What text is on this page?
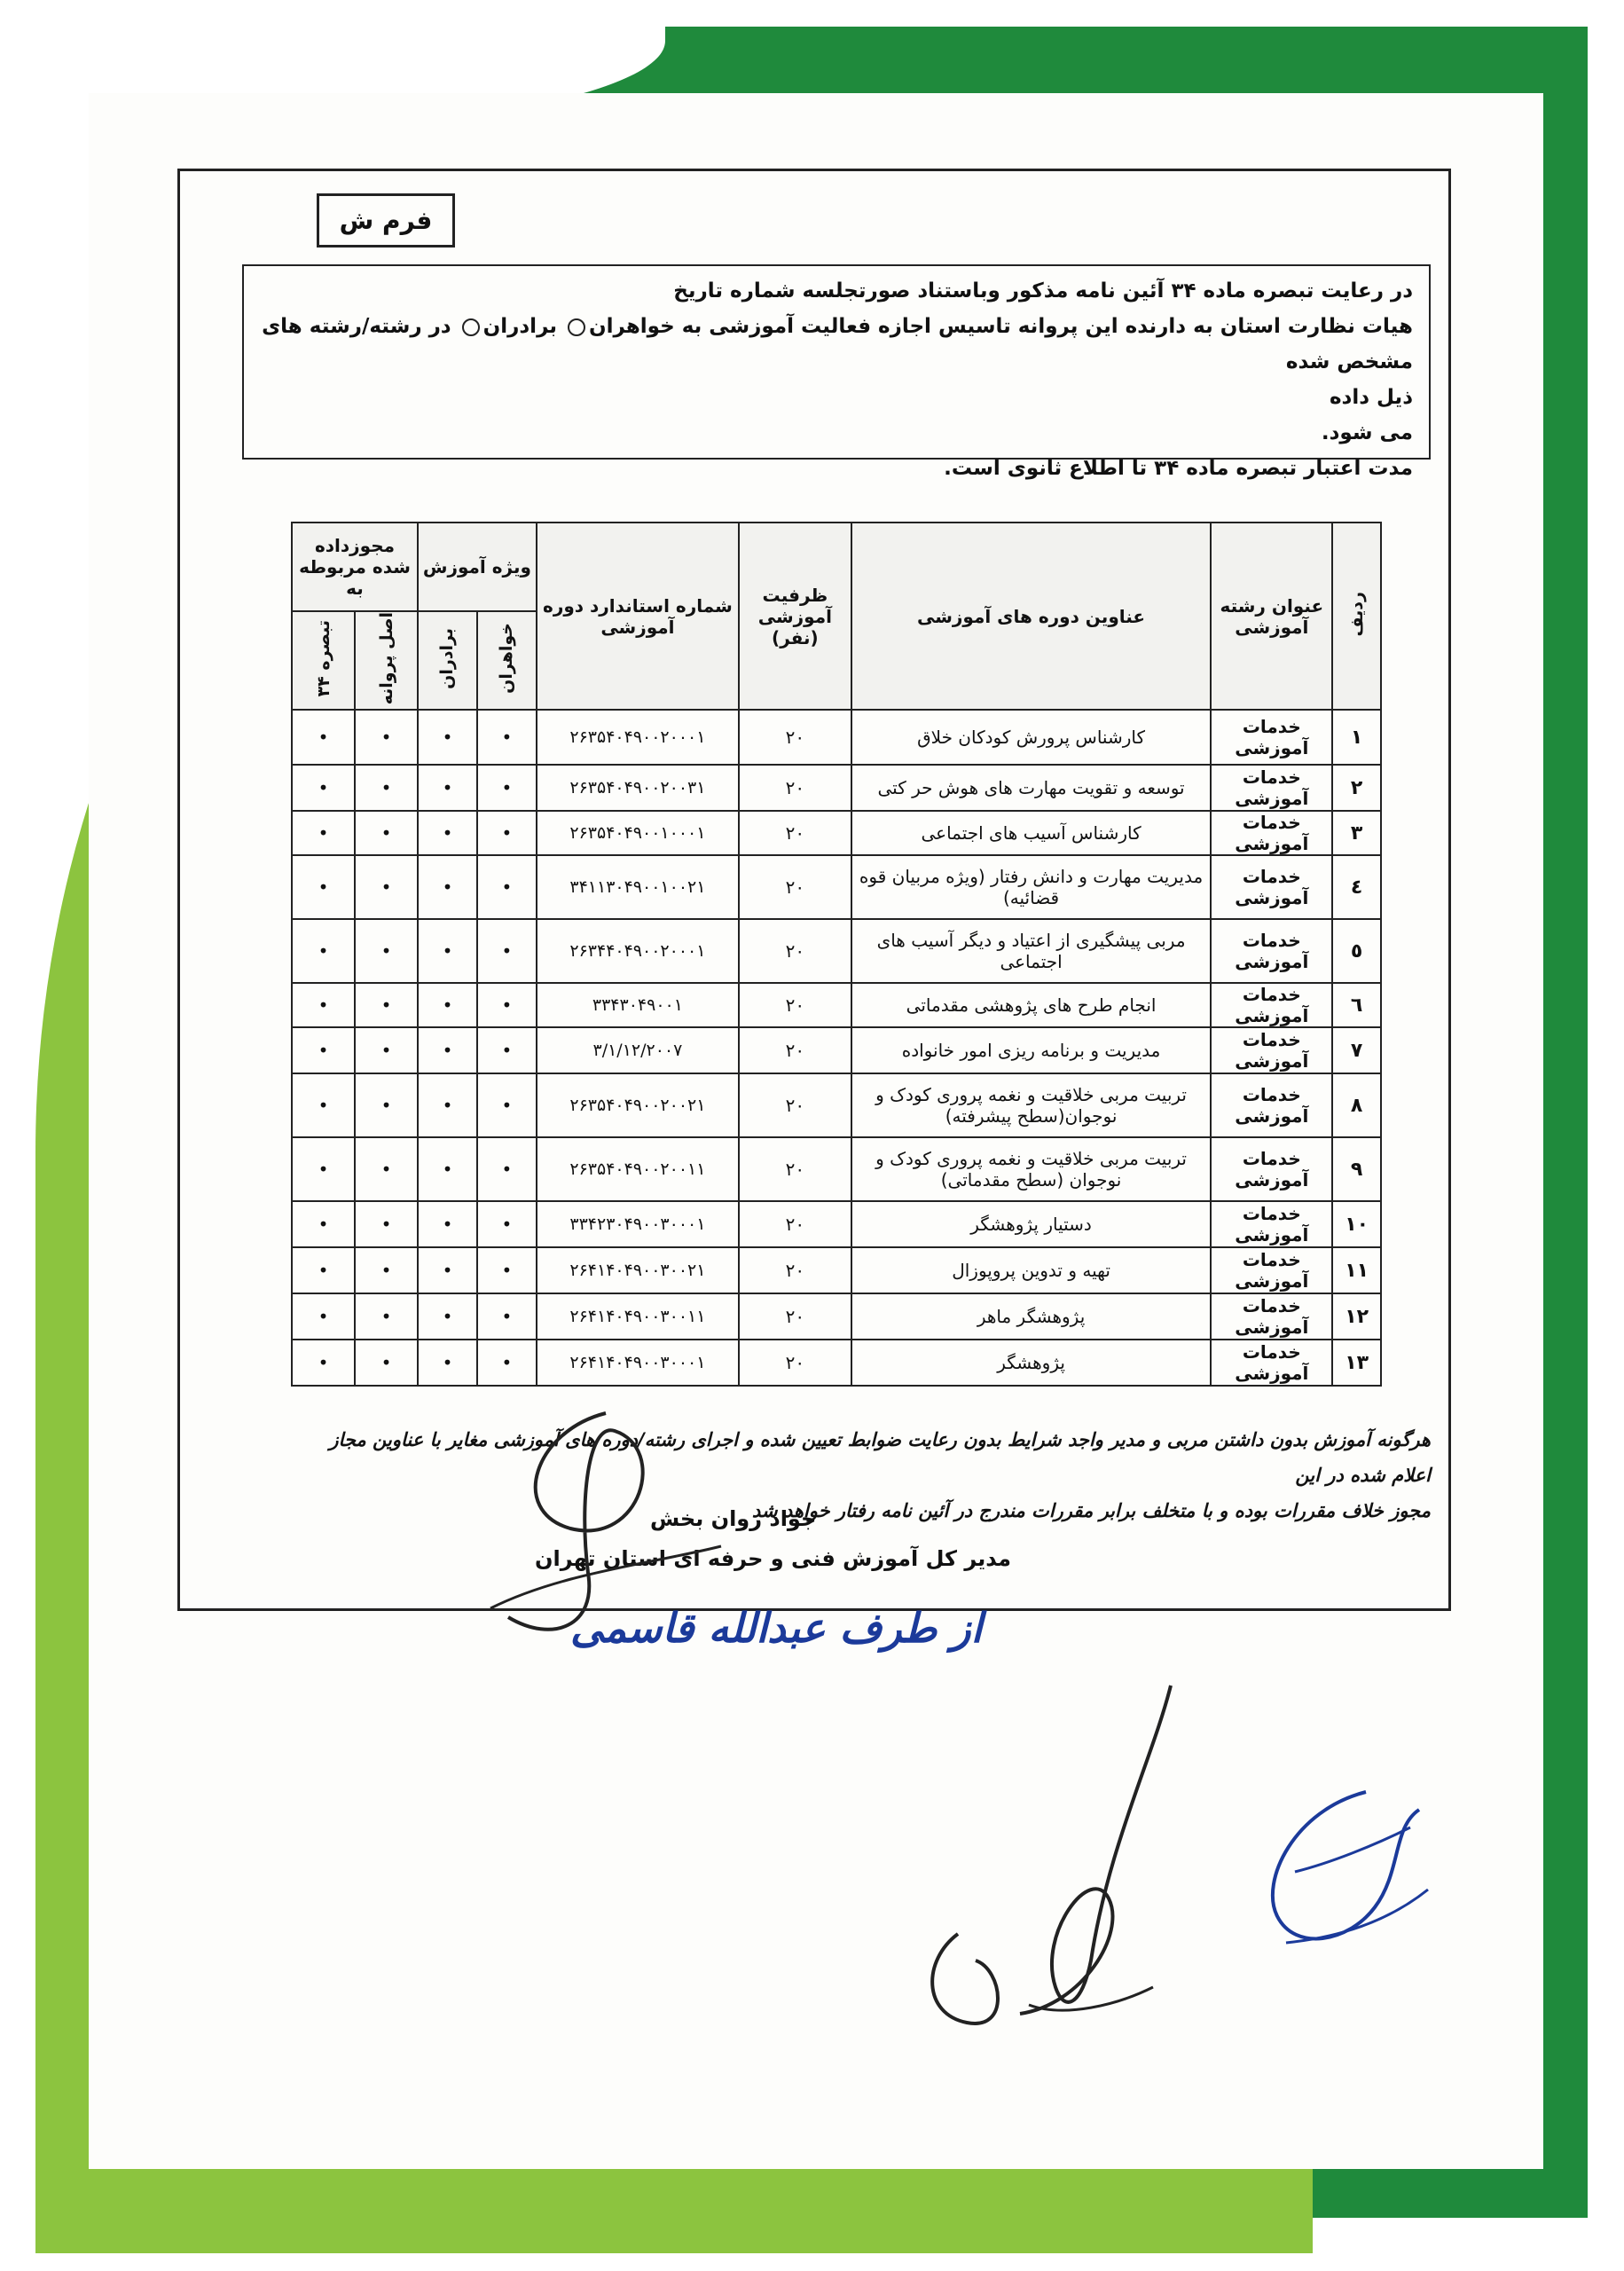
فرم ش

در رعایت تبصره ماده ۳۴ آئین نامه مذکور وباستناد صورتجلسه شماره تاریخ

هیات نظارت استان به دارنده این پروانه تاسیس اجازه فعالیت آموزشی به خواهران برادران در رشته/رشته های مشخص شده

ذیل داده

می شود.

مدت اعتبار تبصره ماده ۳۴ تا اطلاع ثانوی است.

ردیف	عنوان رشته آموزشی	عناوین دوره های آموزشی	ظرفیت آموزشی (نفر)	شماره استاندارد دوره آموزشی	ویژه آموزش		مجوزداده شده مربوطه به	
					خواهران	برادران	اصل پروانه	تبصره ۳۴
۱	خدمات آموزشی	کارشناس پرورش کودکان خلاق	۲۰	۲۶۳۵۴۰۴۹۰۰۲۰۰۰۱	•	•	•	•
۲	خدمات آموزشی	توسعه و تقویت مهارت های هوش حر کتی	۲۰	۲۶۳۵۴۰۴۹۰۰۲۰۰۳۱	•	•	•	•
۳	خدمات آموزشی	کارشناس آسیب های اجتماعی	۲۰	۲۶۳۵۴۰۴۹۰۰۱۰۰۰۱	•	•	•	•
٤	خدمات آموزشی	مدیریت مهارت و دانش رفتار (ویژه مربیان قوه قضائیه)	۲۰	۳۴۱۱۳۰۴۹۰۰۱۰۰۲۱	•	•	•	•
٥	خدمات آموزشی	مربی پیشگیری از اعتیاد و دیگر آسیب های اجتماعی	۲۰	۲۶۳۴۴۰۴۹۰۰۲۰۰۰۱	•	•	•	•
٦	خدمات آموزشی	انجام طرح های پژوهشی مقدماتی	۲۰	۳۳۴۳۰۴۹۰۰۱	•	•	•	•
۷	خدمات آموزشی	مدیریت و برنامه ریزی امور خانواده	۲۰	۳/۱/۱۲/۲۰۰۷	•	•	•	•
۸	خدمات آموزشی	تربیت مربی خلاقیت و نغمه پروری کودک و نوجوان(سطح پیشرفته)	۲۰	۲۶۳۵۴۰۴۹۰۰۲۰۰۲۱	•	•	•	•
۹	خدمات آموزشی	تربیت مربی خلاقیت و نغمه پروری کودک و نوجوان (سطح مقدماتی)	۲۰	۲۶۳۵۴۰۴۹۰۰۲۰۰۱۱	•	•	•	•
۱۰	خدمات آموزشی	دستیار پژوهشگر	۲۰	۳۳۴۲۳۰۴۹۰۰۳۰۰۰۱	•	•	•	•
۱۱	خدمات آموزشی	تهیه و تدوین پروپوزال	۲۰	۲۶۴۱۴۰۴۹۰۰۳۰۰۲۱	•	•	•	•
۱۲	خدمات آموزشی	پژوهشگر ماهر	۲۰	۲۶۴۱۴۰۴۹۰۰۳۰۰۱۱	•	•	•	•
۱۳	خدمات آموزشی	پژوهشگر	۲۰	۲۶۴۱۴۰۴۹۰۰۳۰۰۰۱	•	•	•	•

هرگونه آموزش بدون داشتن مربی و مدیر واجد شرایط بدون رعایت ضوابط تعیین شده و اجرای رشته/دوره های آموزشی مغایر با عناوین مجاز اعلام شده در این

مجوز خلاف مقررات بوده و با متخلف برابر مقررات مندرج در آئین نامه رفتار خواهد شد

جواد روان بخش
مدیر کل آموزش فنی و حرفه ای استان تهران
از طرف عبدالله قاسمی
